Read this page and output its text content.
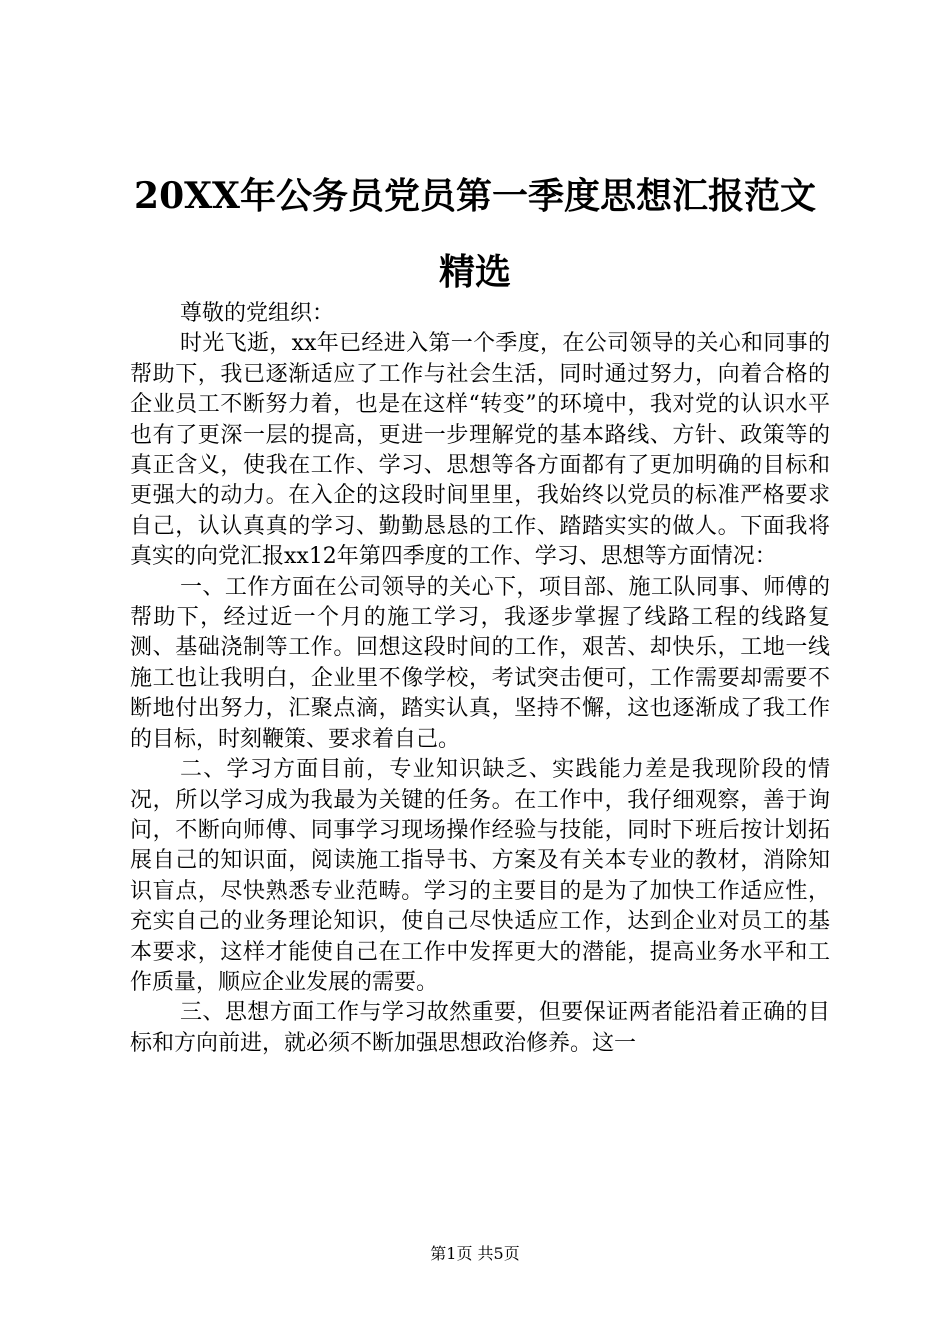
20XX年公务员党员第一季度思想汇报范文精选

尊敬的党组织：

时光飞逝，xx年已经进入第一个季度，在公司领导的关心和同事的帮助下，我已逐渐适应了工作与社会生活，同时通过努力，向着合格的企业员工不断努力着，也是在这样“转变”的环境中，我对党的认识水平也有了更深一层的提高，更进一步理解党的基本路线、方针、政策等的真正含义，使我在工作、学习、思想等各方面都有了更加明确的目标和更强大的动力。在入企的这段时间里里，我始终以党员的标准严格要求自己，认认真真的学习、勤勤恳恳的工作、踏踏实实的做人。下面我将真实的向党汇报xx12年第四季度的工作、学习、思想等方面情况：

一、工作方面在公司领导的关心下，项目部、施工队同事、师傅的帮助下，经过近一个月的施工学习，我逐步掌握了线路工程的线路复测、基础浇制等工作。回想这段时间的工作，艰苦、却快乐，工地一线施工也让我明白，企业里不像学校，考试突击便可，工作需要却需要不断地付出努力，汇聚点滴，踏实认真，坚持不懈，这也逐渐成了我工作的目标，时刻鞭策、要求着自己。

二、学习方面目前，专业知识缺乏、实践能力差是我现阶段的情况，所以学习成为我最为关键的任务。在工作中，我仔细观察，善于询问，不断向师傅、同事学习现场操作经验与技能，同时下班后按计划拓展自己的知识面，阅读施工指导书、方案及有关本专业的教材，消除知识盲点，尽快熟悉专业范畴。学习的主要目的是为了加快工作适应性，充实自己的业务理论知识，使自己尽快适应工作，达到企业对员工的基本要求，这样才能使自己在工作中发挥更大的潜能，提高业务水平和工作质量，顺应企业发展的需要。

三、思想方面工作与学习故然重要，但要保证两者能沿着正确的目标和方向前进，就必须不断加强思想政治修养。这一

第1页 共5页
